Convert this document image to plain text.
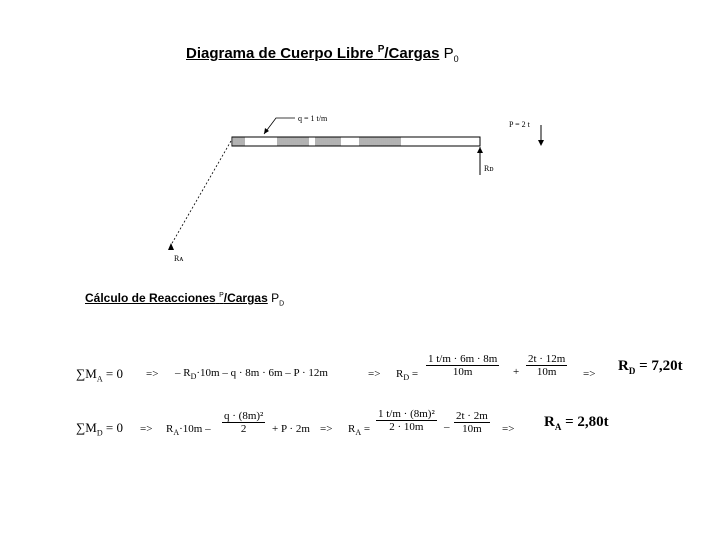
Diagrama de Cuerpo Libre $^P$/Cargas $P_0$
q = 1 t/m
P = 2 t
Rᴅ
Rᴀ
Cálculo de Reacciones $^P$/Cargas $P_D$
$\sum M_A = 0$ => – $R_D\cdot 10m - q \cdot 8m \cdot 6m - P \cdot 12m$	=> $R_D = \frac{1 t/m \cdot 6m \cdot 8m}{10m} + \frac{2t \cdot 12m}{10m} => R_D = 7,20t$
$\sum M_D = 0 => R_A\cdot 10m - \frac{\text{q · (8m)²}}{2} + P \cdot 2m => R_A = \frac{\text{1 t/m · (8m)²}}{2 \cdot 10m} - \frac{2t \cdot 2m}{10m} => R_A = 2,80t$
